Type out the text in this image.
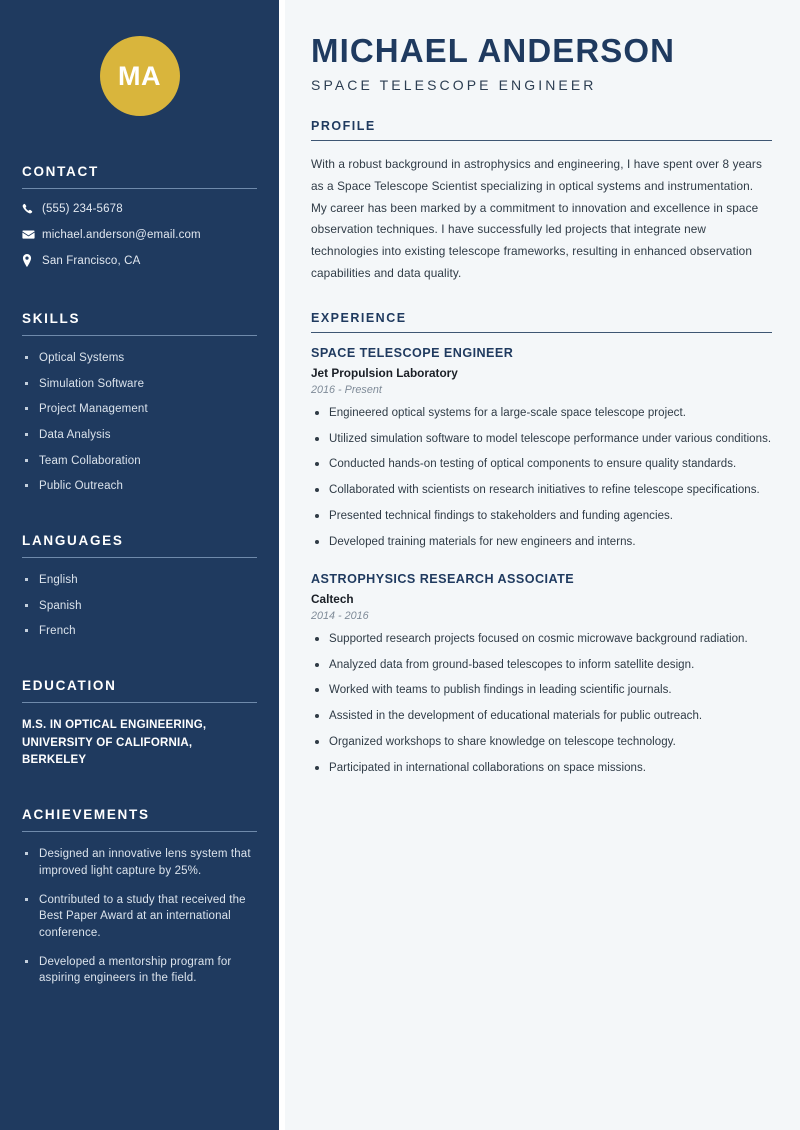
MA
CONTACT
(555) 234-5678
michael.anderson@email.com
San Francisco, CA
SKILLS
Optical Systems
Simulation Software
Project Management
Data Analysis
Team Collaboration
Public Outreach
LANGUAGES
English
Spanish
French
EDUCATION
M.S. IN OPTICAL ENGINEERING,
UNIVERSITY OF CALIFORNIA, BERKELEY
ACHIEVEMENTS
Designed an innovative lens system that improved light capture by 25%.
Contributed to a study that received the Best Paper Award at an international conference.
Developed a mentorship program for aspiring engineers in the field.
MICHAEL ANDERSON
SPACE TELESCOPE ENGINEER
PROFILE

With a robust background in astrophysics and engineering, I have spent over 8 years as a Space Telescope Scientist specializing in optical systems and instrumentation. My career has been marked by a commitment to innovation and excellence in space observation techniques. I have successfully led projects that integrate new technologies into existing telescope frameworks, resulting in enhanced observation capabilities and data quality.

EXPERIENCE
SPACE TELESCOPE ENGINEER
Jet Propulsion Laboratory
2016 - Present
Engineered optical systems for a large-scale space telescope project.
Utilized simulation software to model telescope performance under various conditions.
Conducted hands-on testing of optical components to ensure quality standards.
Collaborated with scientists on research initiatives to refine telescope specifications.
Presented technical findings to stakeholders and funding agencies.
Developed training materials for new engineers and interns.
ASTROPHYSICS RESEARCH ASSOCIATE
Caltech
2014 - 2016
Supported research projects focused on cosmic microwave background radiation.
Analyzed data from ground-based telescopes to inform satellite design.
Worked with teams to publish findings in leading scientific journals.
Assisted in the development of educational materials for public outreach.
Organized workshops to share knowledge on telescope technology.
Participated in international collaborations on space missions.
